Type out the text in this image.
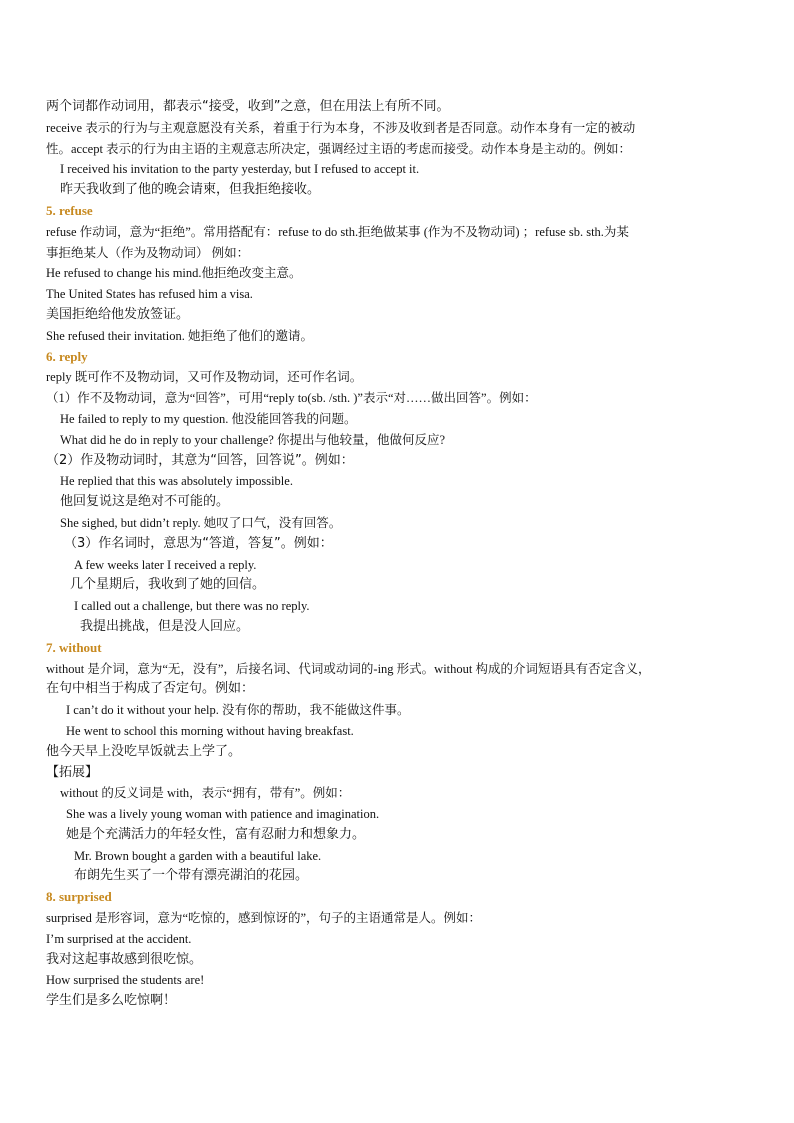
两个词都作动词用，都表示“接受，收到”之意，但在用法上有所不同。
receive 表示的行为与主观意愿没有关系，着重于行为本身，不涉及收到者是否同意。动作本身有一定的被动
性。accept 表示的行为由主语的主观意志所决定，强调经过主语的考虑而接受。动作本身是主动的。例如：
I received his invitation to the party yesterday, but I refused to accept it.
昨天我收到了他的晚会请柬，但我拒绝接收。
5. refuse
refuse 作动词，意为“拒绝”。常用搭配有：refuse to do sth.拒绝做某事 (作为不及物动词) ；refuse sb. sth.为某
事拒绝某人（作为及物动词） 例如：
He refused to change his mind.他拒绝改变主意。
The United States has refused him a visa.
美国拒绝给他发放签证。
She refused their invitation. 她拒绝了他们的邀请。
6. reply
reply 既可作不及物动词，又可作及物动词，还可作名词。
（1）作不及物动词，意为“回答”，可用“reply to(sb. /sth. )”表示“对……做出回答”。例如：
He failed to reply to my question. 他没能回答我的问题。
What did he do in reply to your challenge? 你提出与他较量，他做何反应?
（2）作及物动词时，其意为“回答，回答说”。例如：
He replied that this was absolutely impossible.
他回复说这是绝对不可能的。
She sighed, but didn’t reply. 她叹了口气，没有回答。
（3）作名词时，意思为“答道，答复”。例如：
A few weeks later I received a reply.
几个星期后，我收到了她的回信。
I called out a challenge, but there was no reply.
我提出挑战，但是没人回应。
7. without
without 是介词，意为“无，没有”，后接名词、代词或动词的-ing 形式。without 构成的介词短语具有否定含义，
在句中相当于构成了否定句。例如：
I can’t do it without your help. 没有你的帮助，我不能做这件事。
He went to school this morning without having breakfast.
他今天早上没吃早饭就去上学了。
【拓展】
without 的反义词是 with，表示“拥有，带有”。例如：
She was a lively young woman with patience and imagination.
她是个充满活力的年轻女性，富有忍耐力和想象力。
Mr. Brown bought a garden with a beautiful lake.
布朗先生买了一个带有漂亮湖泊的花园。
8. surprised
surprised 是形容词，意为“吃惊的，感到惊讶的”，句子的主语通常是人。例如：
I’m surprised at the accident.
我对这起事故感到很吃惊。
How surprised the students are!
学生们是多么吃惊啊！
